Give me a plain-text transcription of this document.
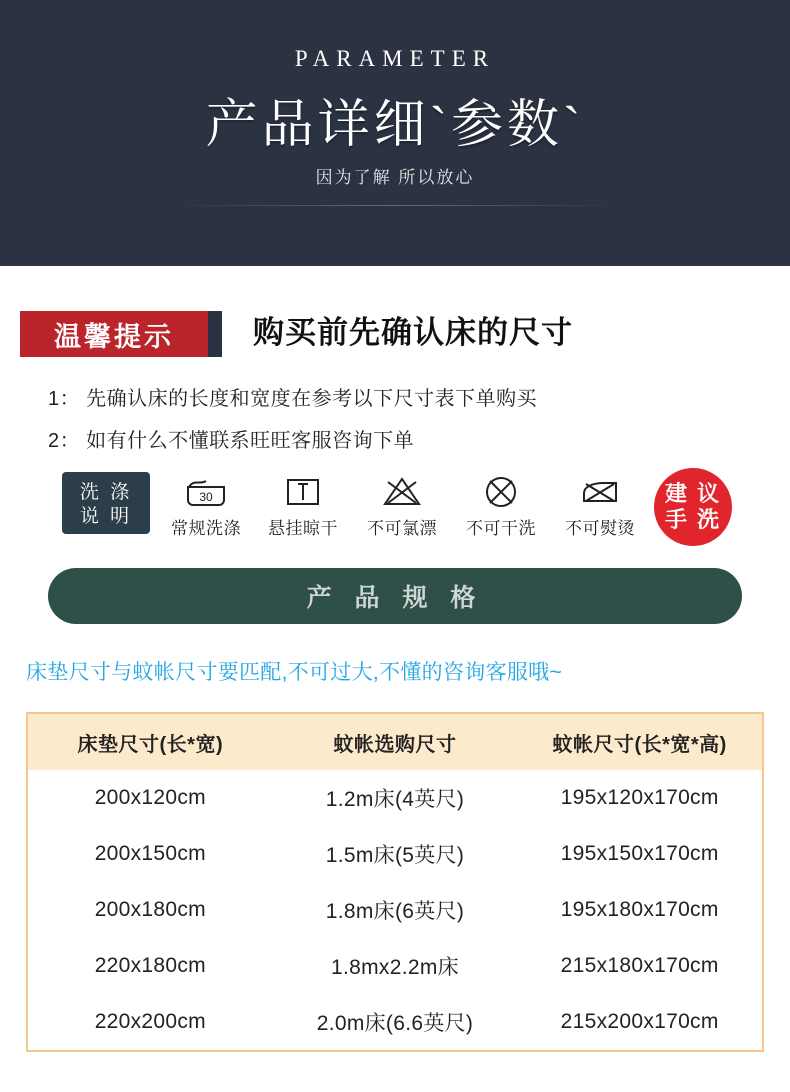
PARAMETER
产品详细`参数`
因为了解 所以放心
温馨提示	购买前先确认床的尺寸
1： 先确认床的长度和宽度在参考以下尺寸表下单购买
2： 如有什么不懂联系旺旺客服咨询下单
洗 涤
说 明
30
常规洗涤	悬挂晾干	不可氯漂	不可干洗	不可熨烫
建 议
手 洗
产 品 规 格
床垫尺寸与蚊帐尺寸要匹配,不可过大,不懂的咨询客服哦~
床垫尺寸(长*宽)	蚊帐选购尺寸	蚊帐尺寸(长*宽*高)
200x120cm	1.2m床(4英尺)	195x120x170cm
200x150cm	1.5m床(5英尺)	195x150x170cm
200x180cm	1.8m床(6英尺)	195x180x170cm
220x180cm	1.8mx2.2m床	215x180x170cm
220x200cm	2.0m床(6.6英尺)	215x200x170cm
